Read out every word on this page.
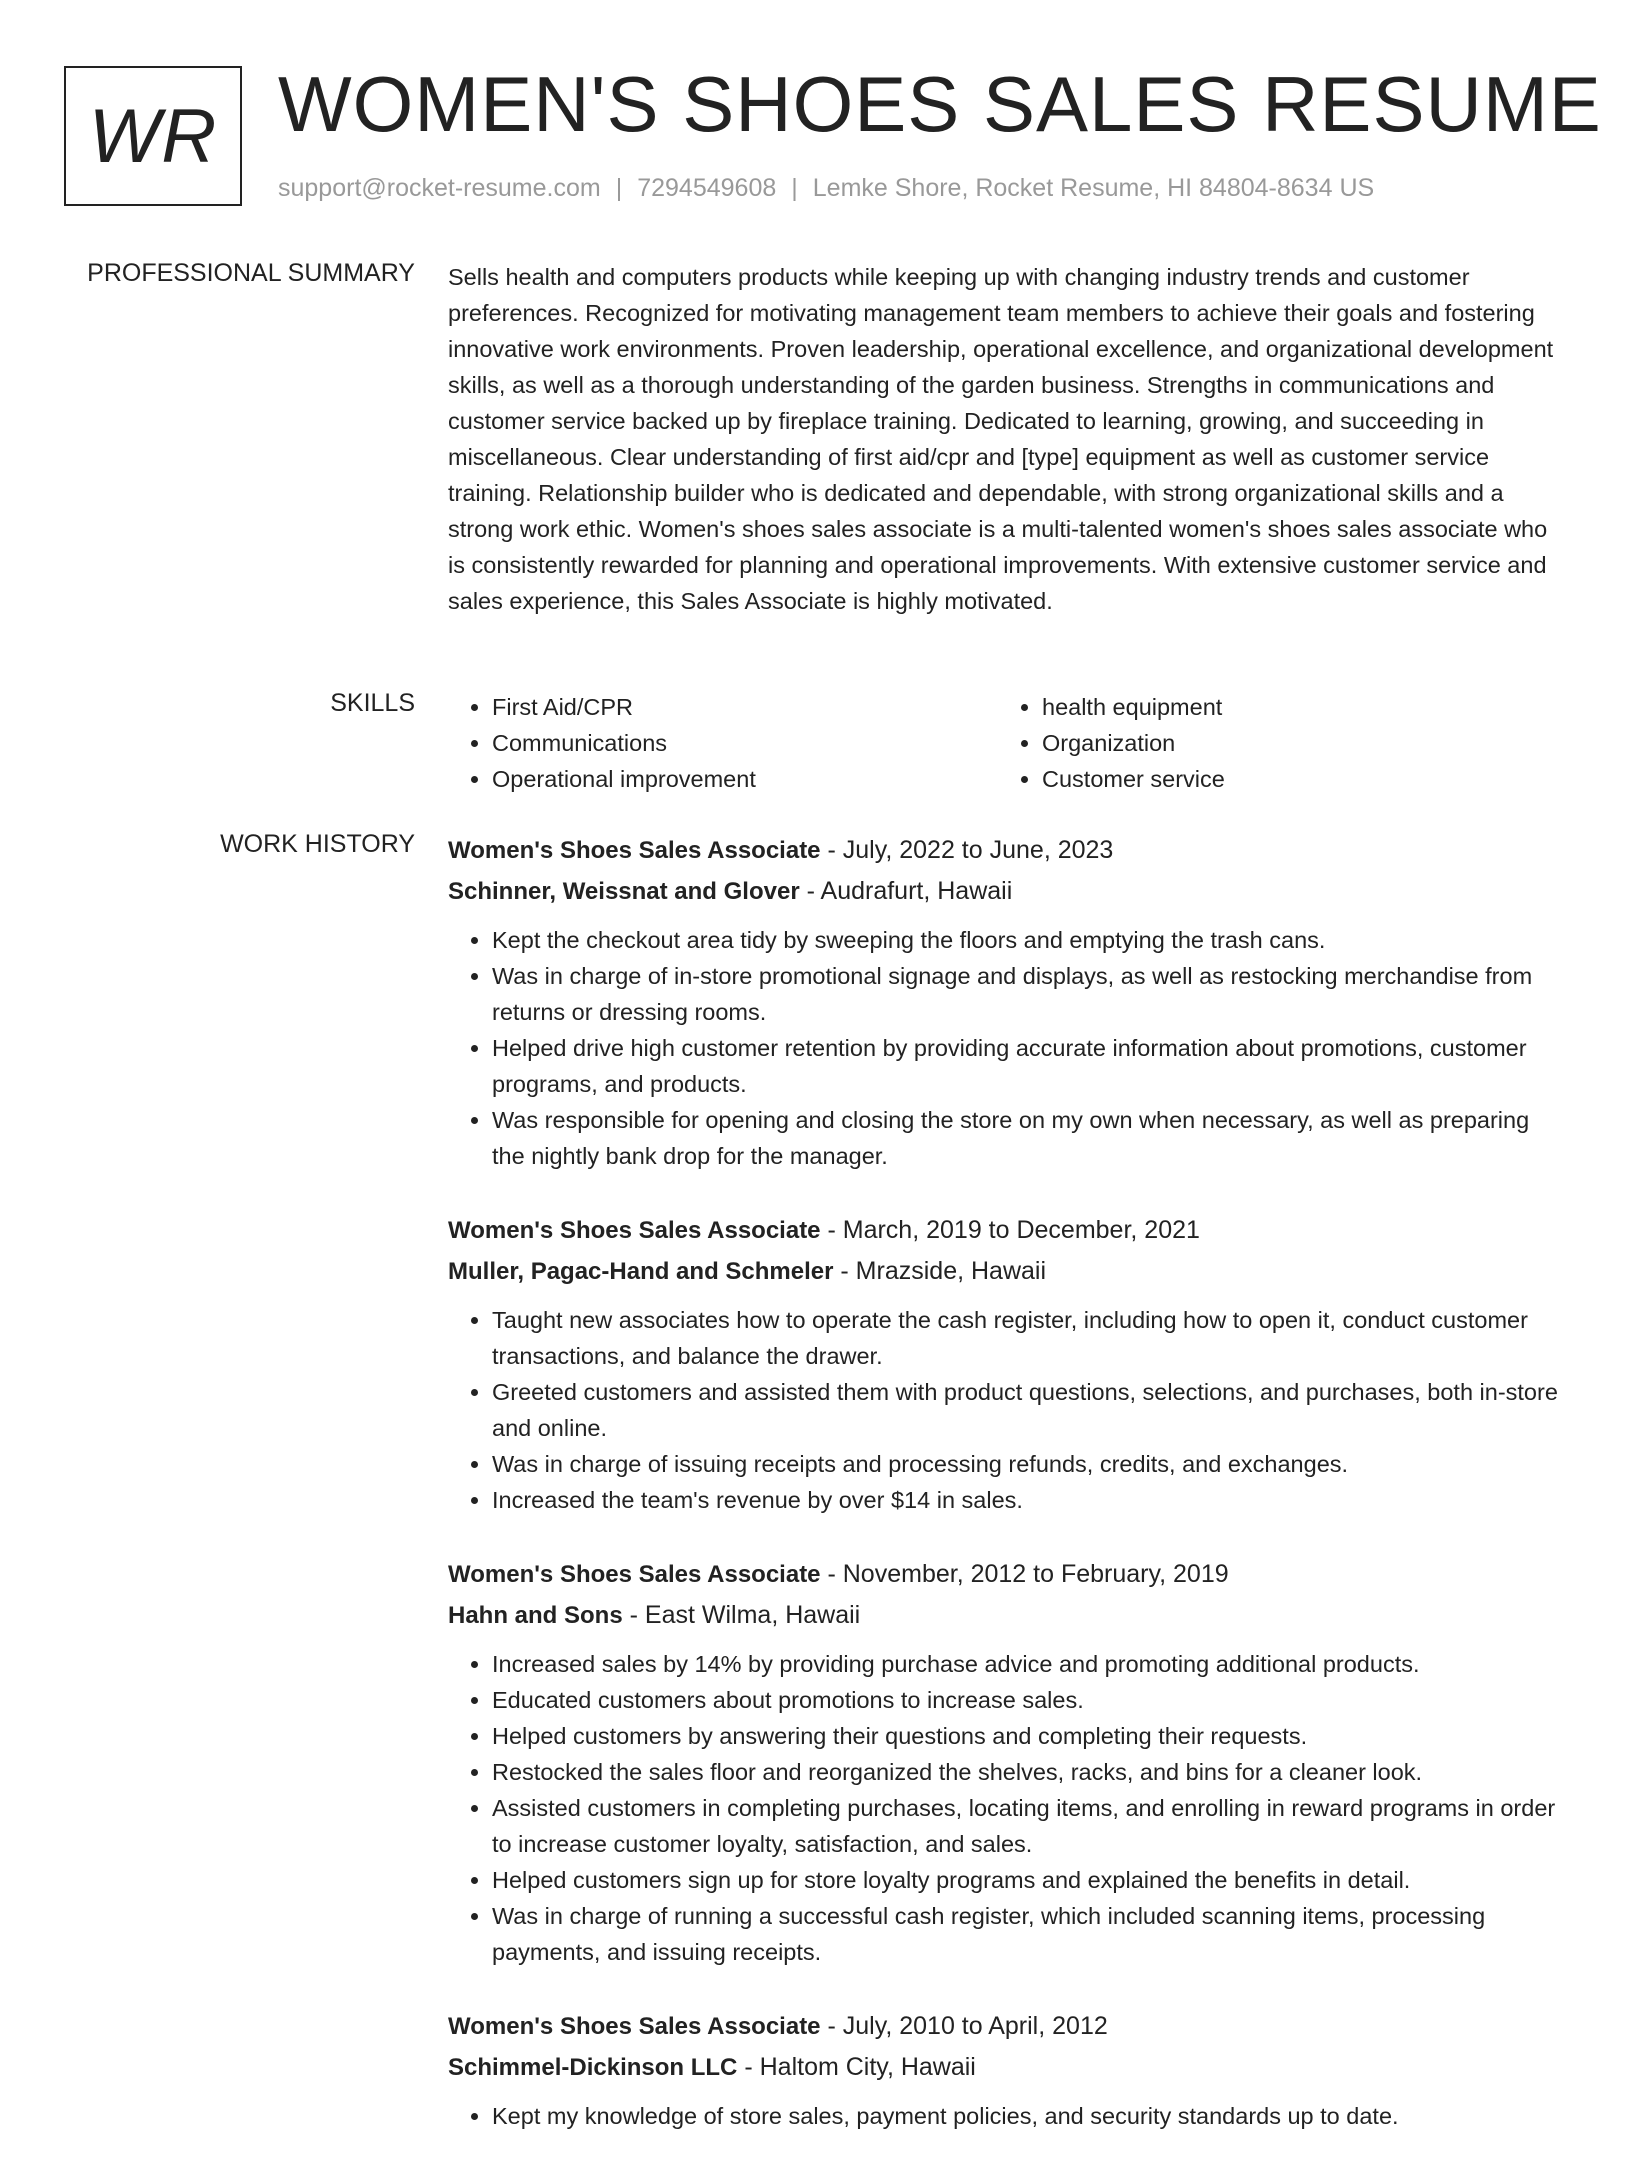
WR WOMEN'S SHOES SALES RESUME
support@rocket-resume.com | 7294549608 | Lemke Shore, Rocket Resume, HI 84804-8634 US
PROFESSIONAL SUMMARY Sells health and computers products while keeping up with changing industry trends and customer preferences. Recognized for motivating management team members to achieve their goals and fostering innovative work environments. Proven leadership, operational excellence, and organizational development skills, as well as a thorough understanding of the garden business. Strengths in communications and customer service backed up by fireplace training. Dedicated to learning, growing, and succeeding in miscellaneous. Clear understanding of first aid/cpr and [type] equipment as well as customer service training. Relationship builder who is dedicated and dependable, with strong organizational skills and a strong work ethic. Women's shoes sales associate is a multi-talented women's shoes sales associate who is consistently rewarded for planning and operational improvements. With extensive customer service and sales experience, this Sales Associate is highly motivated.

SKILLS
•	First Aid/CPR
• Communications
• Operational improvement
• health equipment
• Organization
• Customer service
WORK HISTORY Women's Shoes Sales Associate - July, 2022 to June, 2023
Schinner, Weissnat and Glover - Audrafurt, Hawaii
• Kept the checkout area tidy by sweeping the floors and emptying the trash cans.
• Was in charge of in-store promotional signage and displays, as well as restocking merchandise from returns or dressing rooms.
• Helped drive high customer retention by providing accurate information about promotions, customer programs, and products.
• Was responsible for opening and closing the store on my own when necessary, as well as preparing the nightly bank drop for the manager.
Women's Shoes Sales Associate - March, 2019 to December, 2021
Muller, Pagac-Hand and Schmeler - Mrazside, Hawaii
• Taught new associates how to operate the cash register, including how to open it, conduct customer transactions, and balance the drawer.
• Greeted customers and assisted them with product questions, selections, and purchases, both in-store and online.
• Was in charge of issuing receipts and processing refunds, credits, and exchanges.
• Increased the team's revenue by over $14 in sales.
Women's Shoes Sales Associate - November, 2012 to February, 2019
Hahn and Sons - East Wilma, Hawaii
• Increased sales by 14% by providing purchase advice and promoting additional products.
• Educated customers about promotions to increase sales.
• Helped customers by answering their questions and completing their requests.
• Restocked the sales floor and reorganized the shelves, racks, and bins for a cleaner look.
• Assisted customers in completing purchases, locating items, and enrolling in reward programs in order to increase customer loyalty, satisfaction, and sales.
• Helped customers sign up for store loyalty programs and explained the benefits in detail.
• Was in charge of running a successful cash register, which included scanning items, processing payments, and issuing receipts.
Women's Shoes Sales Associate - July, 2010 to April, 2012
Schimmel-Dickinson LLC - Haltom City, Hawaii
• Kept my knowledge of store sales, payment policies, and security standards up to date.
